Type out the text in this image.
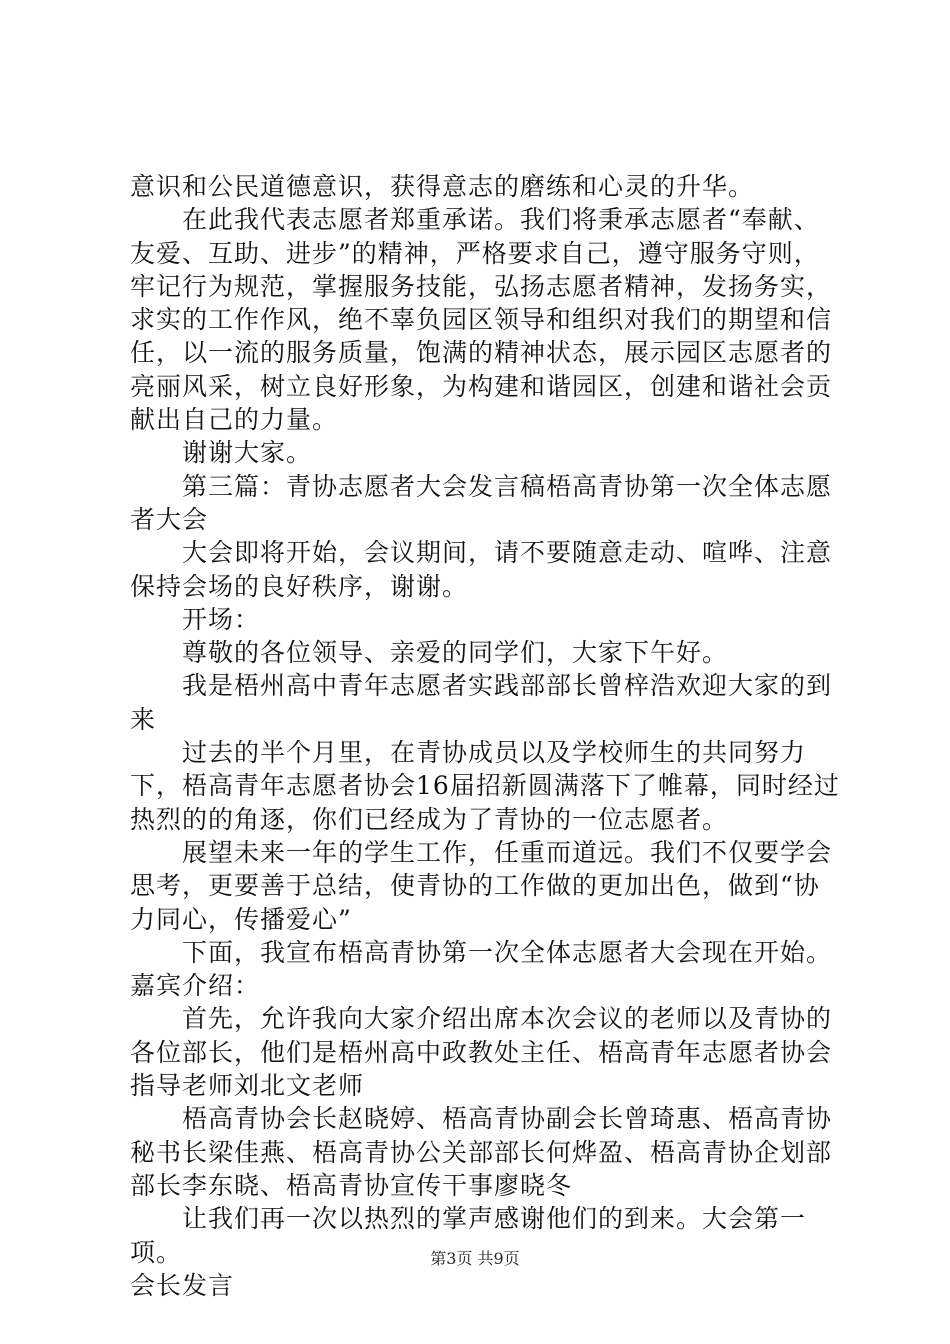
意识和公民道德意识，获得意志的磨练和心灵的升华。

在此我代表志愿者郑重承诺。我们将秉承志愿者“奉献、友爱、互助、进步”的精神，严格要求自己，遵守服务守则，牢记行为规范，掌握服务技能，弘扬志愿者精神，发扬务实，求实的工作作风，绝不辜负园区领导和组织对我们的期望和信任，以一流的服务质量，饱满的精神状态，展示园区志愿者的亮丽风采，树立良好形象，为构建和谐园区，创建和谐社会贡献出自己的力量。

谢谢大家。

第三篇：青协志愿者大会发言稿梧高青协第一次全体志愿者大会

大会即将开始，会议期间，请不要随意走动、喧哗、注意保持会场的良好秩序，谢谢。

开场：

尊敬的各位领导、亲爱的同学们，大家下午好。

我是梧州高中青年志愿者实践部部长曾梓浩欢迎大家的到来

过去的半个月里，在青协成员以及学校师生的共同努力下，梧高青年志愿者协会16届招新圆满落下了帷幕，同时经过热烈的的角逐，你们已经成为了青协的一位志愿者。

展望未来一年的学生工作，任重而道远。我们不仅要学会思考，更要善于总结，使青协的工作做的更加出色，做到“协力同心，传播爱心”

下面，我宣布梧高青协第一次全体志愿者大会现在开始。

嘉宾介绍：

首先，允许我向大家介绍出席本次会议的老师以及青协的各位部长，他们是梧州高中政教处主任、梧高青年志愿者协会指导老师刘北文老师

梧高青协会长赵晓婷、梧高青协副会长曾琦惠、梧高青协秘书长梁佳燕、梧高青协公关部部长何烨盈、梧高青协企划部部长李东晓、梧高青协宣传干事廖晓冬

让我们再一次以热烈的掌声感谢他们的到来。大会第一项。

会长发言

第3页 共9页
